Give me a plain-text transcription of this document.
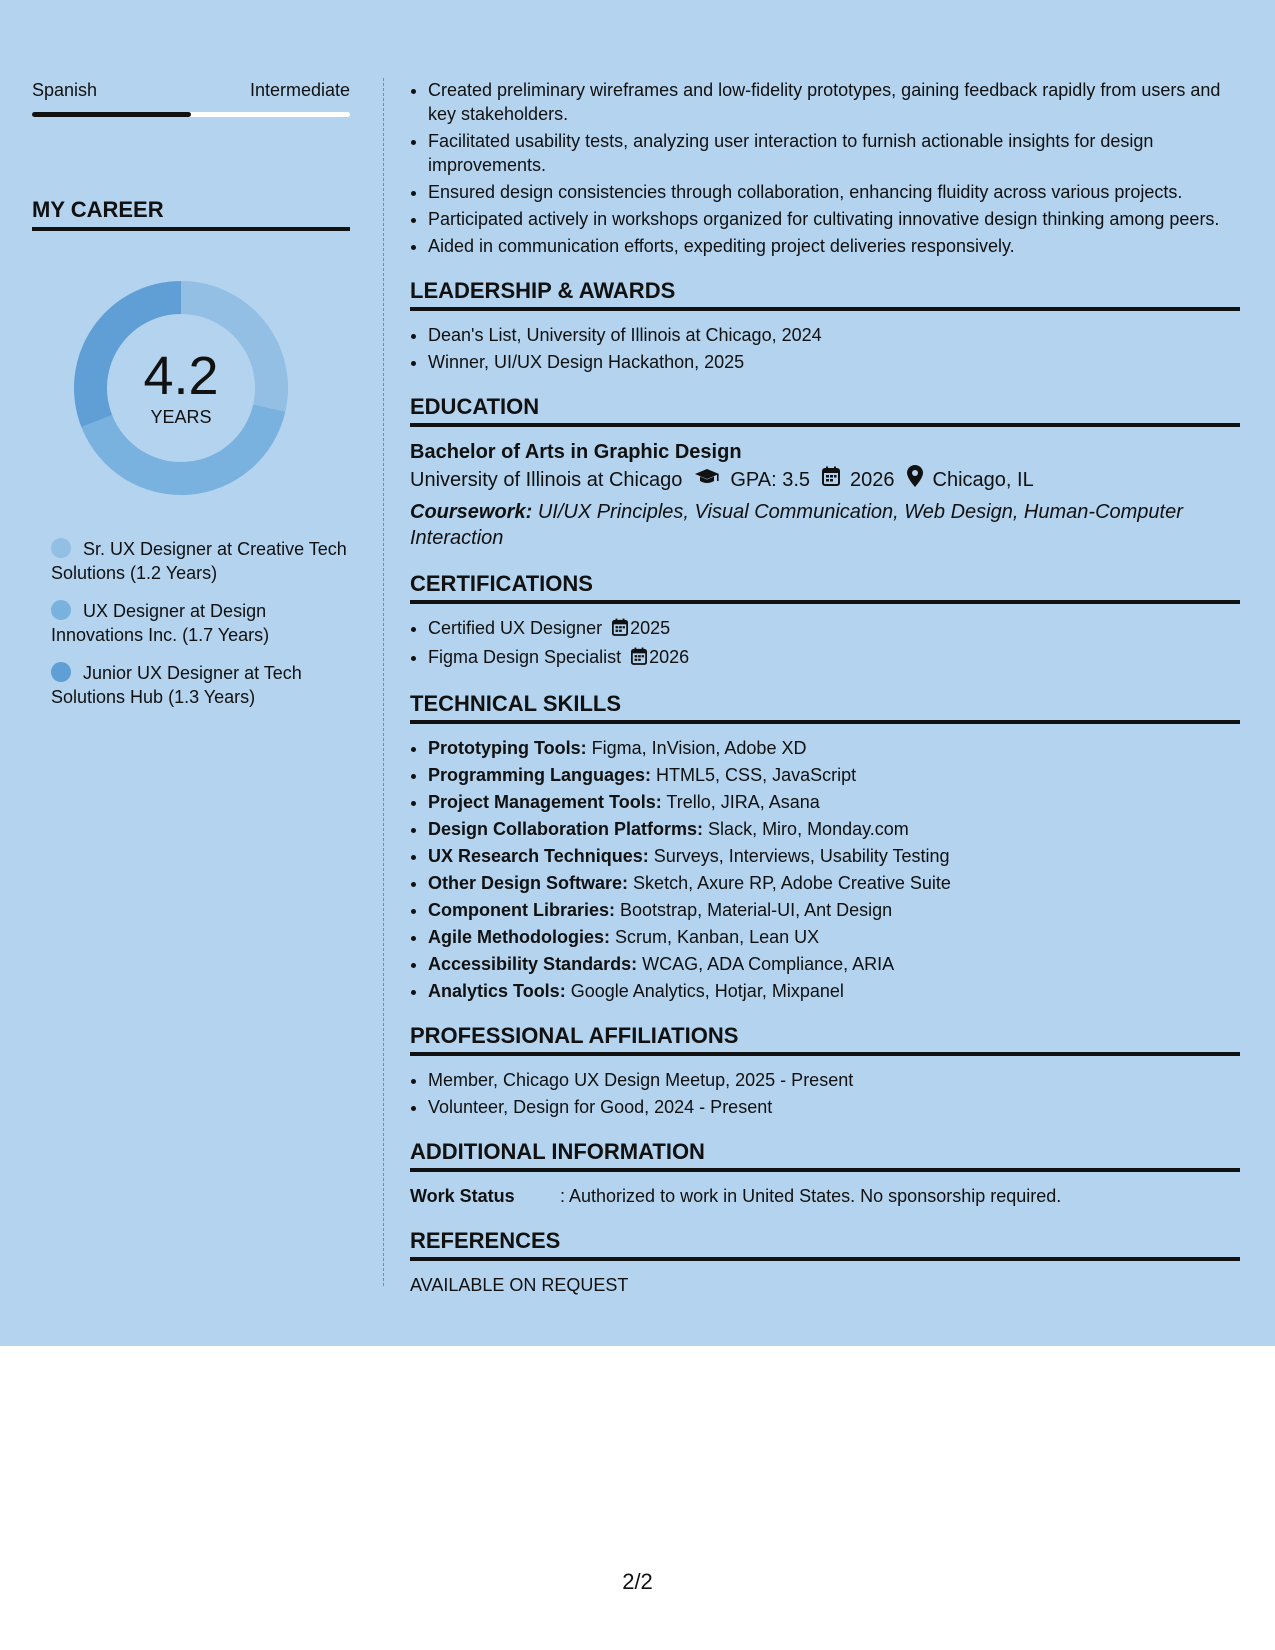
Spanish	Intermediate
MY CAREER
4.2
YEARS
Sr. UX Designer at Creative Tech Solutions (1.2 Years)
UX Designer at Design Innovations Inc. (1.7 Years)
Junior UX Designer at Tech Solutions Hub (1.3 Years)
• Created preliminary wireframes and low-fidelity prototypes, gaining feedback rapidly from users and key stakeholders.
• Facilitated usability tests, analyzing user interaction to furnish actionable insights for design improvements.
• Ensured design consistencies through collaboration, enhancing fluidity across various projects.
• Participated actively in workshops organized for cultivating innovative design thinking among peers.
• Aided in communication efforts, expediting project deliveries responsively.
LEADERSHIP & AWARDS
• Dean's List, University of Illinois at Chicago, 2024
• Winner, UI/UX Design Hackathon, 2025
EDUCATION
Bachelor of Arts in Graphic Design
University of Illinois at Chicago GPA: 3.5 2026 Chicago, IL
Coursework: UI/UX Principles, Visual Communication, Web Design, Human-Computer Interaction
CERTIFICATIONS
• Certified UX Designer 2025
• Figma Design Specialist 2026
TECHNICAL SKILLS
• Prototyping Tools: Figma, InVision, Adobe XD
• Programming Languages: HTML5, CSS, JavaScript
• Project Management Tools: Trello, JIRA, Asana
• Design Collaboration Platforms: Slack, Miro, Monday.com
• UX Research Techniques: Surveys, Interviews, Usability Testing
• Other Design Software: Sketch, Axure RP, Adobe Creative Suite
• Component Libraries: Bootstrap, Material-UI, Ant Design
• Agile Methodologies: Scrum, Kanban, Lean UX
• Accessibility Standards: WCAG, ADA Compliance, ARIA
• Analytics Tools: Google Analytics, Hotjar, Mixpanel
PROFESSIONAL AFFILIATIONS
• Member, Chicago UX Design Meetup, 2025 - Present
• Volunteer, Design for Good, 2024 - Present
ADDITIONAL INFORMATION
Work Status	: Authorized to work in United States. No sponsorship required.
REFERENCES
AVAILABLE ON REQUEST
2/2
